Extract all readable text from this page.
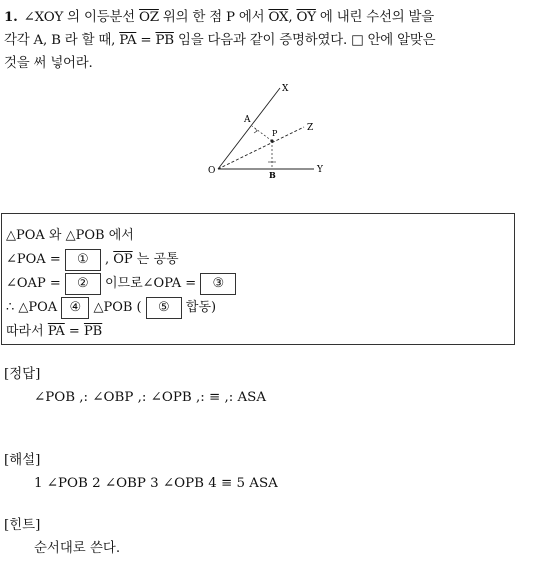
1. ∠XOY 의 이등분선 $\overline{OZ}$ 위의 한 점 P 에서 $\overline{OX}$, $\overline{OY}$ 에 내린 수선의 발을
각각 A, B 라 할 때, $\overline{PA} = \overline{PB}$ 임을 다음과 같이 증명하였다. □ 안에 알맞은
것을 써 넣어라.
X
Z
Y
A
P
O	B
△POA 와 △POB 에서
∠POA = ① , $\overline{OP}$ 는 공통
∠OAP = ② 이므로∠OPA = ③
∴ △POA ④ △POB ( ⑤ 합동)
따라서 $\overline{PA} = \overline{PB}$
[정답]
∠POB ,: ∠OBP ,: ∠OPB ,: ≡ ,: ASA
[해설]
1 ∠POB 2 ∠OBP 3 ∠OPB 4 ≡ 5 ASA
[힌트]
순서대로 쓴다.
